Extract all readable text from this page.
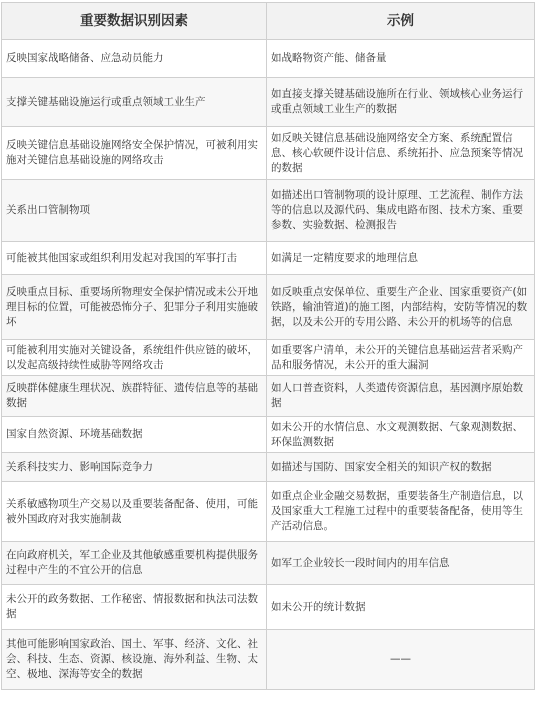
重要数据识别因素	示例
反映国家战略储备、应急动员能力	如战略物资产能、储备量
支撑关键基础设施运行或重点领域工业生产	如直接支撑关键基础设施所在行业、领域核心业务运行或重点领域工业生产的数据
反映关键信息基础设施网络安全保护情况，可被利用实施对关键信息基础设施的网络攻击	如反映关键信息基础设施网络安全方案、系统配置信息、核心软硬件设计信息、系统拓扑、应急预案等情况的数据
关系出口管制物项	如描述出口管制物项的设计原理、工艺流程、制作方法等的信息以及源代码、集成电路布图、技术方案、重要参数、实验数据、检测报告
可能被其他国家或组织利用发起对我国的军事打击	如满足一定精度要求的地理信息
反映重点目标、重要场所物理安全保护情况或未公开地理目标的位置，可能被恐怖分子、犯罪分子利用实施破坏	如反映重点安保单位、重要生产企业、国家重要资产(如铁路，输油管道)的施工图，内部结构，安防等情况的数据，以及未公开的专用公路、未公开的机场等的信息
可能被利用实施对关键设备，系统组件供应链的破坏，以发起高级持续性威胁等网络攻击	如重要客户清单，未公开的关键信息基础运营者采购产品和服务情况，未公开的重大漏洞
反映群体健康生理状况、族群特征、遗传信息等的基础数据	如人口普查资料，人类遗传资源信息，基因测序原始数据
国家自然资源、环境基础数据	如未公开的水情信息、水文观测数据、气象观测数据、环保监测数据
关系科技实力、影响国际竞争力	如描述与国防、国家安全相关的知识产权的数据
关系敏感物项生产交易以及重要装备配备、使用，可能被外国政府对我实施制裁	如重点企业金融交易数据，重要装备生产制造信息，以及国家重大工程施工过程中的重要装备配备，使用等生产活动信息。
在向政府机关，军工企业及其他敏感重要机构提供服务过程中产生的不宜公开的信息	如军工企业较长一段时间内的用车信息
未公开的政务数据、工作秘密、情报数据和执法司法数据	如未公开的统计数据
其他可能影响国家政治、国土、军事、经济、文化、社会、科技、生态、资源、核设施、海外利益、生物、太空、极地、深海等安全的数据	——
